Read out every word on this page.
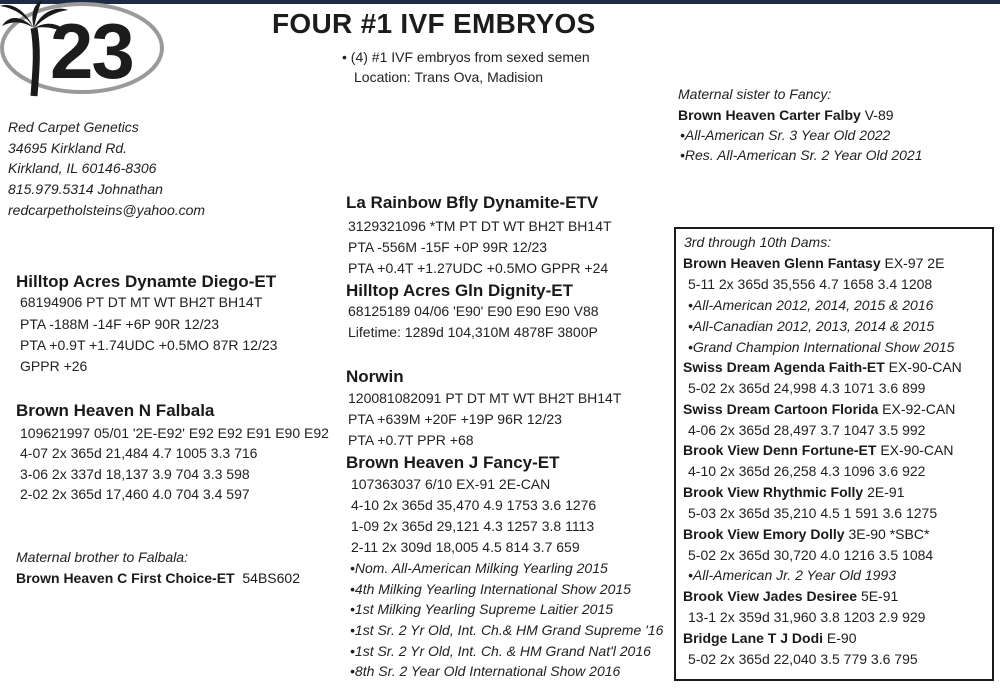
23	FOUR #1 IVF EMBRYOS
• (4) #1 IVF embryos from sexed semen
Location: Trans Ova, Madision
Red Carpet Genetics
34695 Kirkland Rd.
Kirkland, IL 60146-8306
815.979.5314 Johnathan
redcarpetholsteins@yahoo.com
Maternal sister to Fancy:
Brown Heaven Carter Falby V-89
•All-American Sr. 3 Year Old 2022
•Res. All-American Sr. 2 Year Old 2021
La Rainbow Bfly Dynamite-ETV
3129321096 *TM PT DT WT BH2T BH14T
PTA -556M -15F +0P 99R 12/23
PTA +0.4T +1.27UDC +0.5MO GPPR +24
Hilltop Acres Gln Dignity-ET
68125189 04/06 'E90' E90 E90 E90 V88
Lifetime: 1289d 104,310M 4878F 3800P
Hilltop Acres Dynamte Diego-ET
68194906 PT DT MT WT BH2T BH14T
PTA -188M -14F +6P 90R 12/23
PTA +0.9T +1.74UDC +0.5MO 87R 12/23
GPPR +26
Brown Heaven N Falbala
109621997 05/01 '2E-E92' E92 E92 E91 E90 E92
4-07 2x 365d 21,484 4.7 1005 3.3 716
3-06 2x 337d 18,137 3.9 704 3.3 598
2-02 2x 365d 17,460 4.0 704 3.4 597
Maternal brother to Falbala:
Brown Heaven C First Choice-ET 54BS602
Norwin
120081082091 PT DT MT WT BH2T BH14T
PTA +639M +20F +19P 96R 12/23
PTA +0.7T PPR +68
Brown Heaven J Fancy-ET
107363037 6/10 EX-91 2E-CAN
4-10 2x 365d 35,470 4.9 1753 3.6 1276
1-09 2x 365d 29,121 4.3 1257 3.8 1113
2-11 2x 309d 18,005 4.5 814 3.7 659
•Nom. All-American Milking Yearling 2015
•4th Milking Yearling International Show 2015
•1st Milking Yearling Supreme Laitier 2015
•1st Sr. 2 Yr Old, Int. Ch.& HM Grand Supreme '16
•1st Sr. 2 Yr Old, Int. Ch. & HM Grand Nat'l 2016
•8th Sr. 2 Year Old International Show 2016
3rd through 10th Dams:
Brown Heaven Glenn Fantasy EX-97 2E
5-11 2x 365d 35,556 4.7 1658 3.4 1208
•All-American 2012, 2014, 2015 & 2016
•All-Canadian 2012, 2013, 2014 & 2015
•Grand Champion International Show 2015
Swiss Dream Agenda Faith-ET EX-90-CAN
5-02 2x 365d 24,998 4.3 1071 3.6 899
Swiss Dream Cartoon Florida EX-92-CAN
4-06 2x 365d 28,497 3.7 1047 3.5 992
Brook View Denn Fortune-ET EX-90-CAN
4-10 2x 365d 26,258 4.3 1096 3.6 922
Brook View Rhythmic Folly 2E-91
5-03 2x 365d 35,210 4.5 1 591 3.6 1275
Brook View Emory Dolly 3E-90 *SBC*
5-02 2x 365d 30,720 4.0 1216 3.5 1084
•All-American Jr. 2 Year Old 1993
Brook View Jades Desiree 5E-91
13-1 2x 359d 31,960 3.8 1203 2.9 929
Bridge Lane T J Dodi E-90
5-02 2x 365d 22,040 3.5 779 3.6 795
